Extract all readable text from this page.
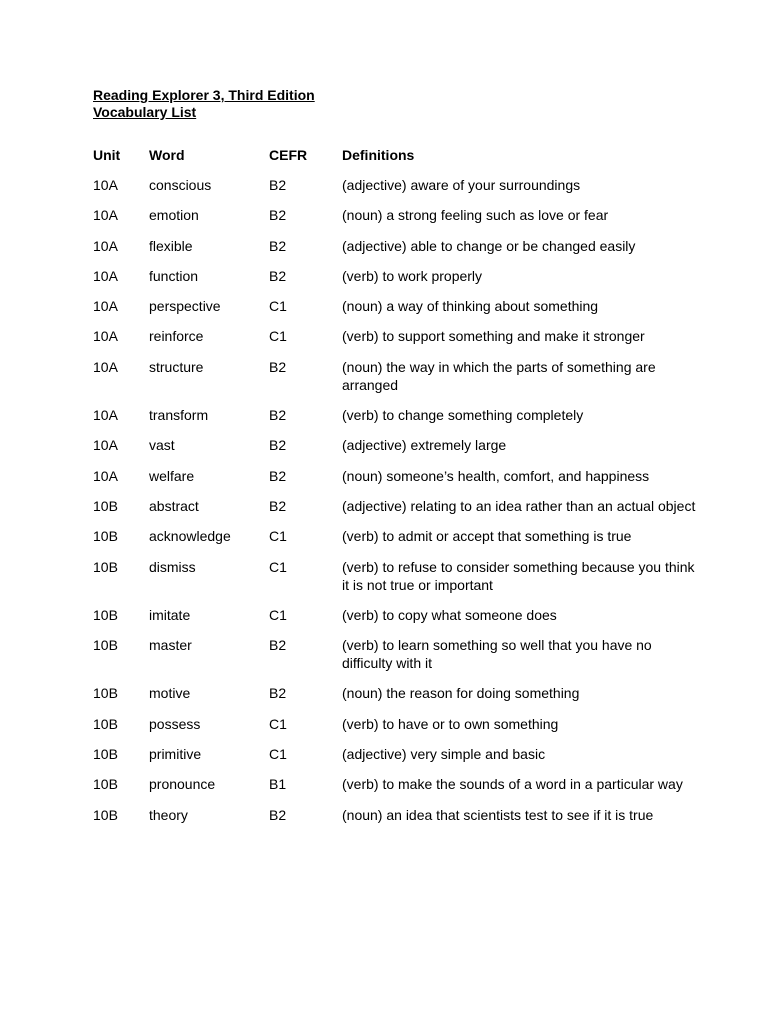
Reading Explorer 3, Third Edition

Vocabulary List

Unit	Word	CEFR	Definitions
10A	conscious	B2	(adjective) aware of your surroundings
10A	emotion	B2	(noun) a strong feeling such as love or fear
10A	flexible	B2	(adjective) able to change or be changed easily
10A	function	B2	(verb) to work properly
10A	perspective	C1	(noun) a way of thinking about something
10A	reinforce	C1	(verb) to support something and make it stronger
10A	structure	B2	(noun) the way in which the parts of something are arranged
10A	transform	B2	(verb) to change something completely
10A	vast	B2	(adjective) extremely large
10A	welfare	B2	(noun) someone’s health, comfort, and happiness
10B	abstract	B2	(adjective) relating to an idea rather than an actual object
10B	acknowledge	C1	(verb) to admit or accept that something is true
10B	dismiss	C1	(verb) to refuse to consider something because you think it is not true or important
10B	imitate	C1	(verb) to copy what someone does
10B	master	B2	(verb) to learn something so well that you have no difficulty with it
10B	motive	B2	(noun) the reason for doing something
10B	possess	C1	(verb) to have or to own something
10B	primitive	C1	(adjective) very simple and basic
10B	pronounce	B1	(verb) to make the sounds of a word in a particular way
10B	theory	B2	(noun) an idea that scientists test to see if it is true
